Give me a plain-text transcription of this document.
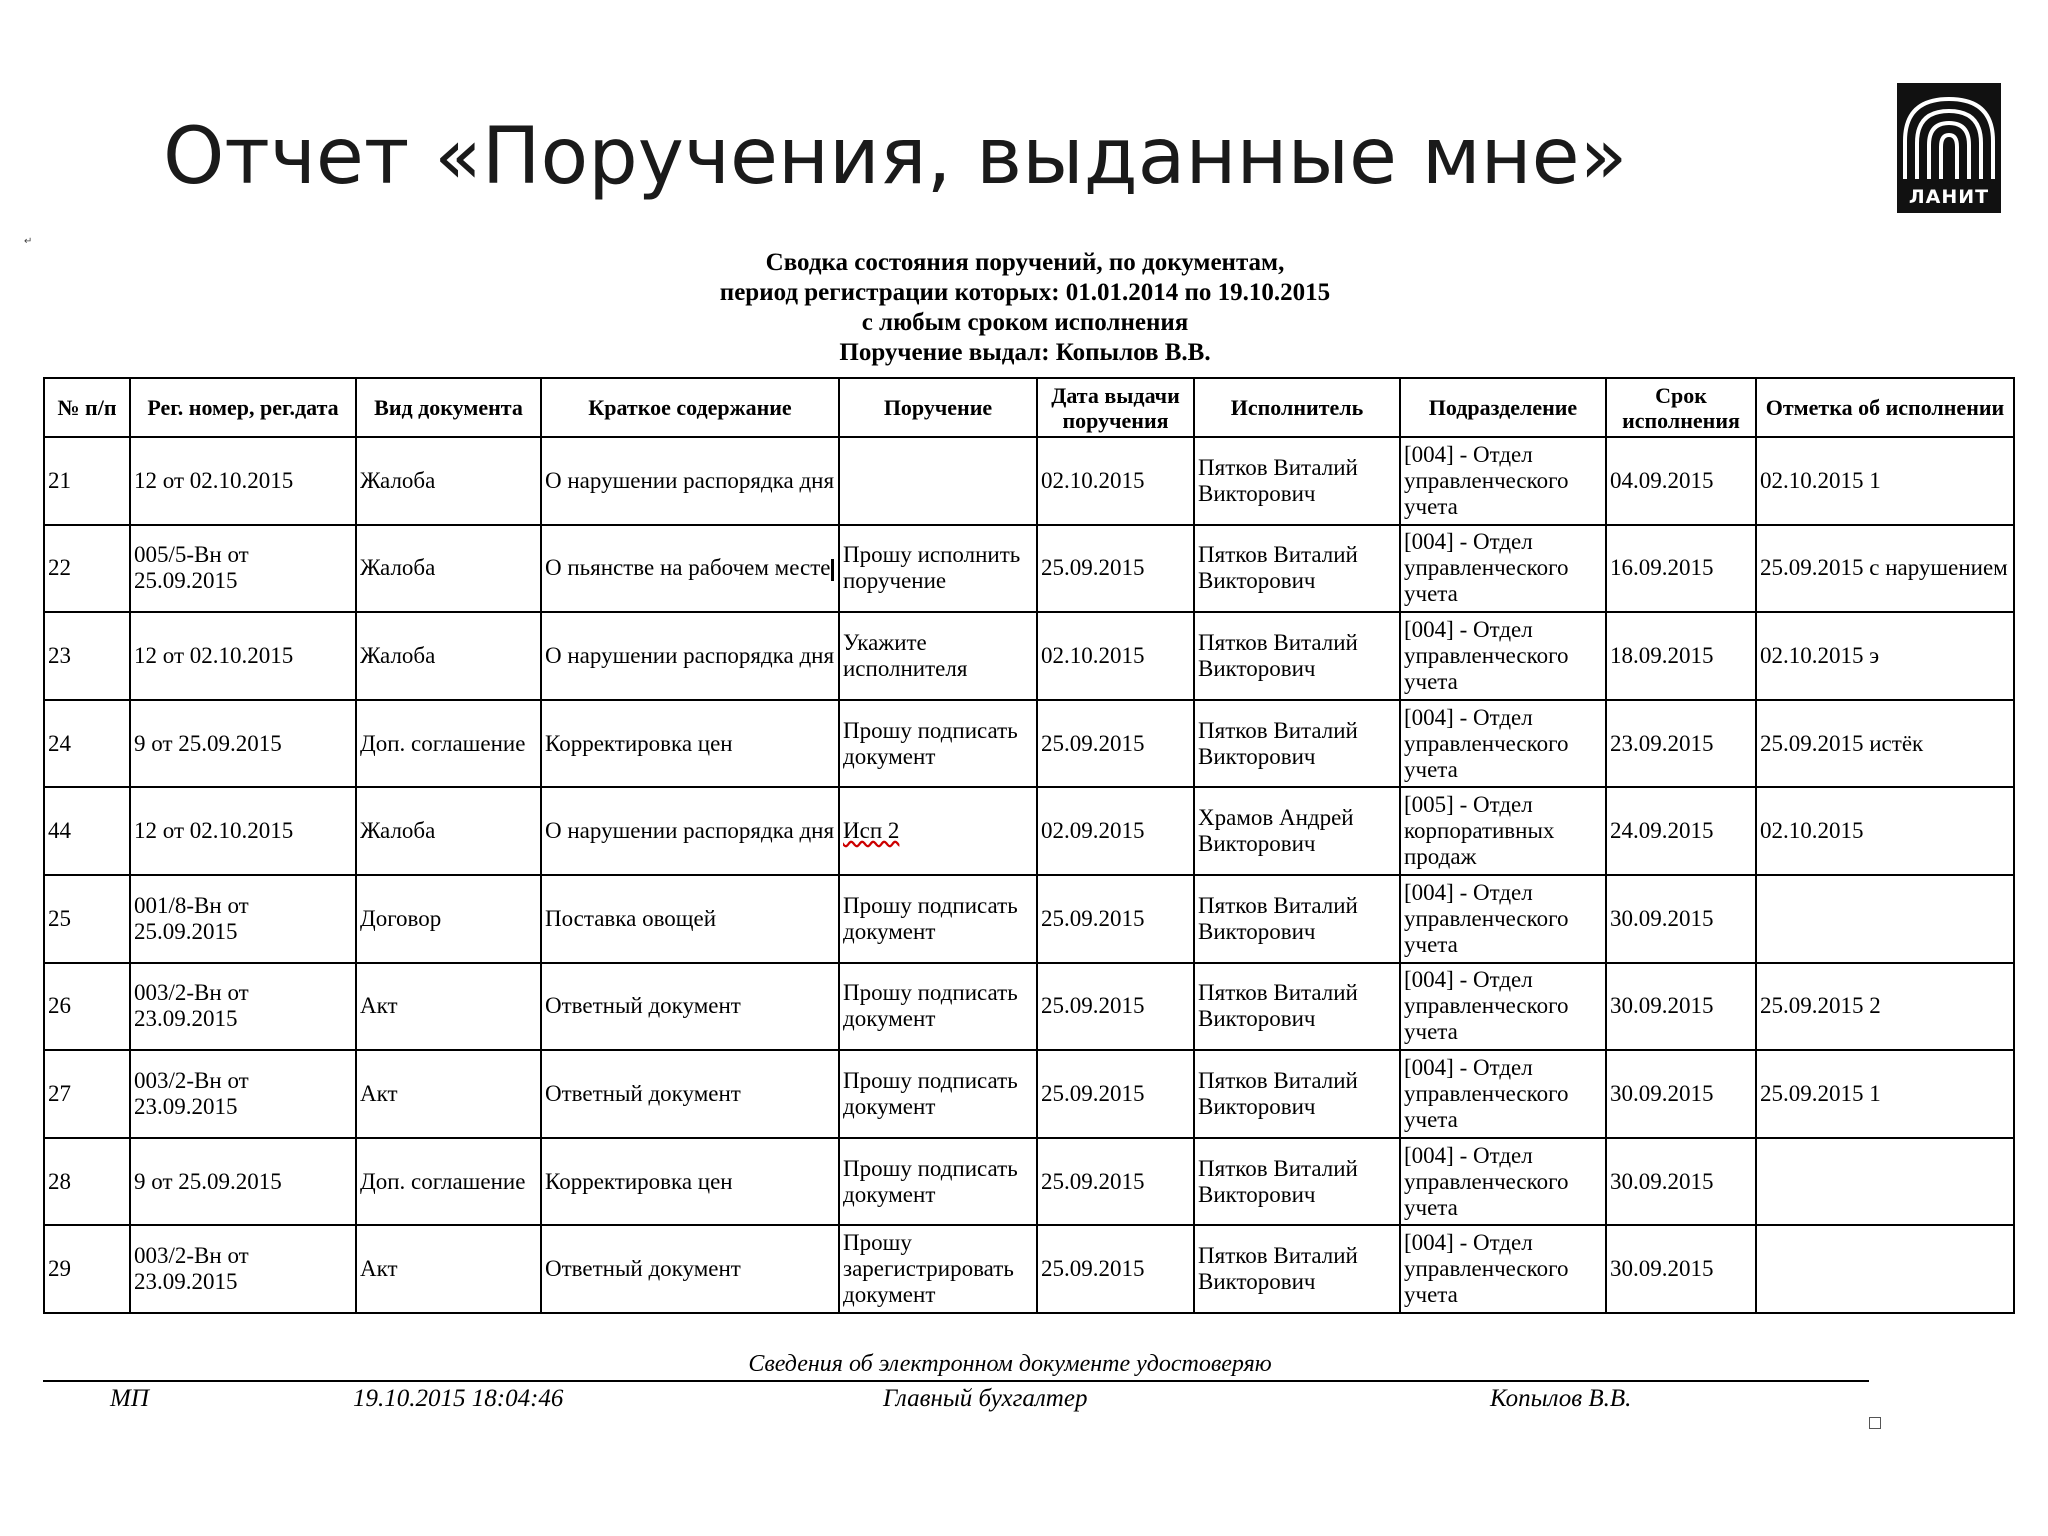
Отчет «Поручения, выданные мне»	ЛАНИТ
↵
Сводка состояния поручений, по документам,
период регистрации которых: 01.01.2014 по 19.10.2015
с любым сроком исполнения
Поручение выдал: Копылов В.В.
№ п/п	Рег. номер, рег.дата	Вид документа	Краткое содержание	Поручение	Дата выдачи поручения	Исполнитель	Подразделение	Срок исполнения	Отметка об исполнении
21	12 от 02.10.2015	Жалоба	О нарушении распорядка дня		02.10.2015	Пятков Виталий Викторович	[004] - Отдел управленческого учета	04.09.2015	02.10.2015 1
22	005/5-Вн от 25.09.2015	Жалоба	О пьянстве на рабочем месте	Прошу исполнить поручение	25.09.2015	Пятков Виталий Викторович	[004] - Отдел управленческого учета	16.09.2015	25.09.2015 с нарушением
23	12 от 02.10.2015	Жалоба	О нарушении распорядка дня	Укажите исполнителя	02.10.2015	Пятков Виталий Викторович	[004] - Отдел управленческого учета	18.09.2015	02.10.2015 э
24	9 от 25.09.2015	Доп. соглашение	Корректировка цен	Прошу подписать документ	25.09.2015	Пятков Виталий Викторович	[004] - Отдел управленческого учета	23.09.2015	25.09.2015 истёк
44	12 от 02.10.2015	Жалоба	О нарушении распорядка дня	Исп 2	02.09.2015	Храмов Андрей Викторович	[005] - Отдел корпоративных продаж	24.09.2015	02.10.2015
25	001/8-Вн от 25.09.2015	Договор	Поставка овощей	Прошу подписать документ	25.09.2015	Пятков Виталий Викторович	[004] - Отдел управленческого учета	30.09.2015	
26	003/2-Вн от 23.09.2015	Акт	Ответный документ	Прошу подписать документ	25.09.2015	Пятков Виталий Викторович	[004] - Отдел управленческого учета	30.09.2015	25.09.2015 2
27	003/2-Вн от 23.09.2015	Акт	Ответный документ	Прошу подписать документ	25.09.2015	Пятков Виталий Викторович	[004] - Отдел управленческого учета	30.09.2015	25.09.2015 1
28	9 от 25.09.2015	Доп. соглашение	Корректировка цен	Прошу подписать документ	25.09.2015	Пятков Виталий Викторович	[004] - Отдел управленческого учета	30.09.2015	
29	003/2-Вн от 23.09.2015	Акт	Ответный документ	Прошу зарегистрировать документ	25.09.2015	Пятков Виталий Викторович	[004] - Отдел управленческого учета	30.09.2015	
Сведения об электронном документе удостоверяю
МП	19.10.2015 18:04:46	Главный бухгалтер	Копылов В.В.
